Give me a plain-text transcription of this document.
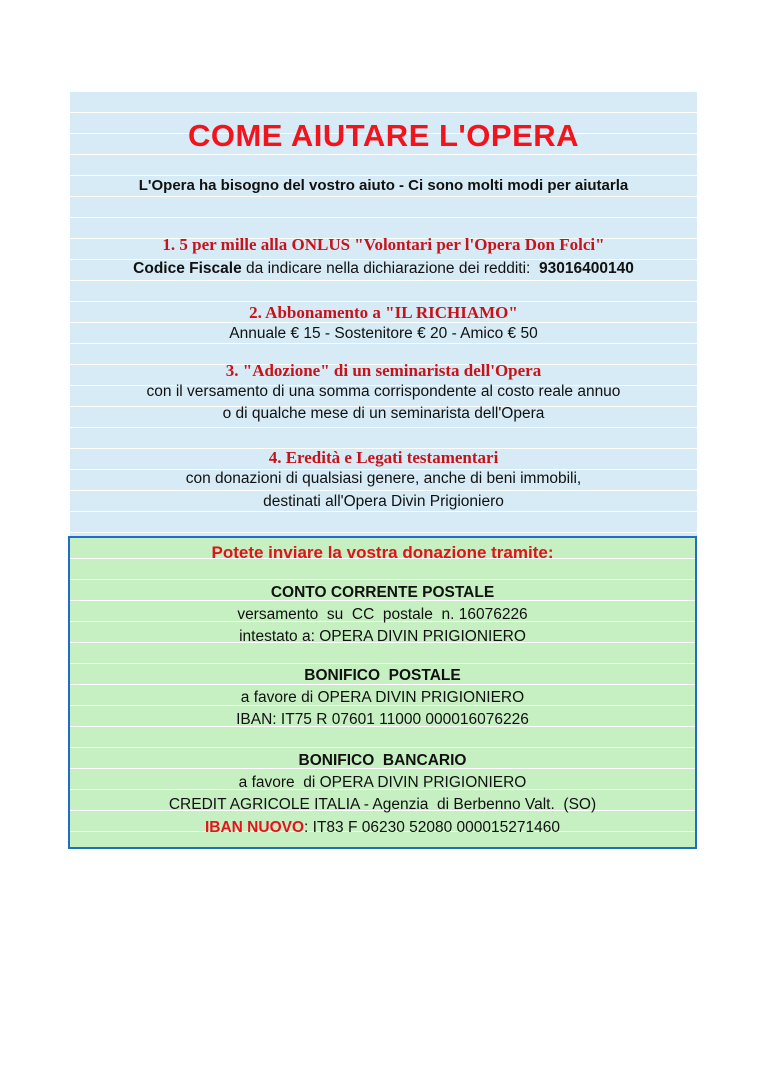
COME AIUTARE L'OPERA
L'Opera ha bisogno del vostro aiuto - Ci sono molti modi per aiutarla
1. 5 per mille alla ONLUS "Volontari per l'Opera Don Folci"
Codice Fiscale da indicare nella dichiarazione dei redditi:  93016400140
2. Abbonamento a "IL RICHIAMO"
Annuale € 15 - Sostenitore € 20 - Amico € 50
3. "Adozione" di un seminarista dell'Opera
con il versamento di una somma corrispondente al costo reale annuo
o di qualche mese di un seminarista dell'Opera
4. Eredità e Legati testamentari
con donazioni di qualsiasi genere, anche di beni immobili,
destinati all'Opera Divin Prigioniero
Potete inviare la vostra donazione tramite:
CONTO CORRENTE POSTALE
versamento  su  CC  postale  n. 16076226
intestato a: OPERA DIVIN PRIGIONIERO
BONIFICO  POSTALE
a favore di OPERA DIVIN PRIGIONIERO
IBAN: IT75 R 07601 11000 000016076226
BONIFICO  BANCARIO
a favore  di OPERA DIVIN PRIGIONIERO
CREDIT AGRICOLE ITALIA - Agenzia  di Berbenno Valt.  (SO)
IBAN NUOVO: IT83 F 06230 52080 000015271460
